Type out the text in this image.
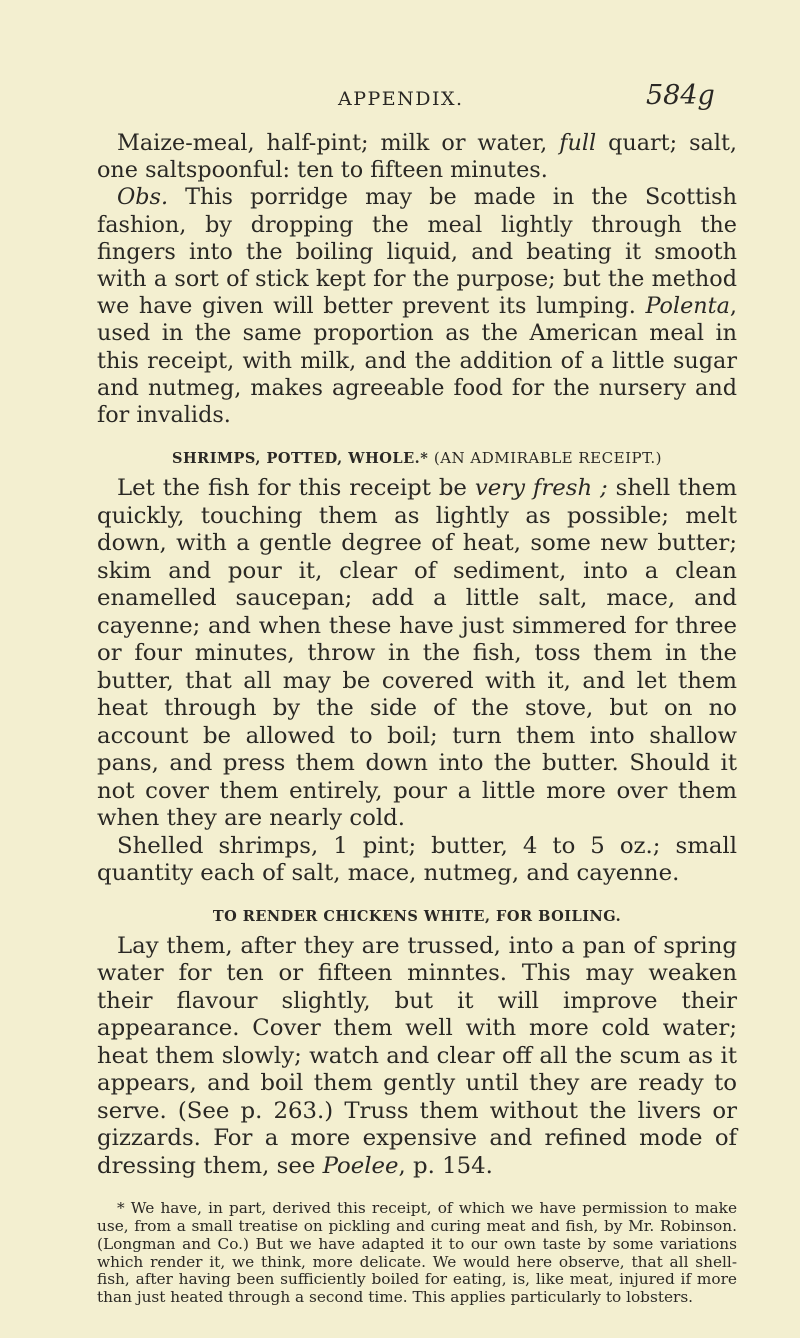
APPENDIX.	584g

Maize-meal, half-pint; milk or water, full quart; salt, one saltspoonful: ten to fifteen minutes.

Obs. This porridge may be made in the Scottish fashion, by dropping the meal lightly through the fingers into the boiling liquid, and beating it smooth with a sort of stick kept for the purpose; but the method we have given will better prevent its lumping. Polenta, used in the same proportion as the American meal in this receipt, with milk, and the addition of a little sugar and nutmeg, makes agreeable food for the nursery and for invalids.

SHRIMPS, POTTED, WHOLE.* (AN ADMIRABLE RECEIPT.)

Let the fish for this receipt be very fresh ; shell them quickly, touching them as lightly as possible; melt down, with a gentle degree of heat, some new butter; skim and pour it, clear of sediment, into a clean enamelled saucepan; add a little salt, mace, and cayenne; and when these have just simmered for three or four minutes, throw in the fish, toss them in the butter, that all may be covered with it, and let them heat through by the side of the stove, but on no account be allowed to boil; turn them into shallow pans, and press them down into the butter. Should it not cover them entirely, pour a little more over them when they are nearly cold.

Shelled shrimps, 1 pint; butter, 4 to 5 oz.; small quantity each of salt, mace, nutmeg, and cayenne.

TO RENDER CHICKENS WHITE, FOR BOILING.

Lay them, after they are trussed, into a pan of spring water for ten or fifteen minntes. This may weaken their flavour slightly, but it will improve their appearance. Cover them well with more cold water; heat them slowly; watch and clear off all the scum as it appears, and boil them gently until they are ready to serve. (See p. 263.) Truss them without the livers or gizzards. For a more expensive and refined mode of dressing them, see Poelee, p. 154.

* We have, in part, derived this receipt, of which we have permission to make use, from a small treatise on pickling and curing meat and fish, by Mr. Robinson. (Longman and Co.) But we have adapted it to our own taste by some variations which render it, we think, more delicate. We would here observe, that all shell-fish, after having been sufficiently boiled for eating, is, like meat, injured if more than just heated through a second time. This applies particularly to lobsters.
